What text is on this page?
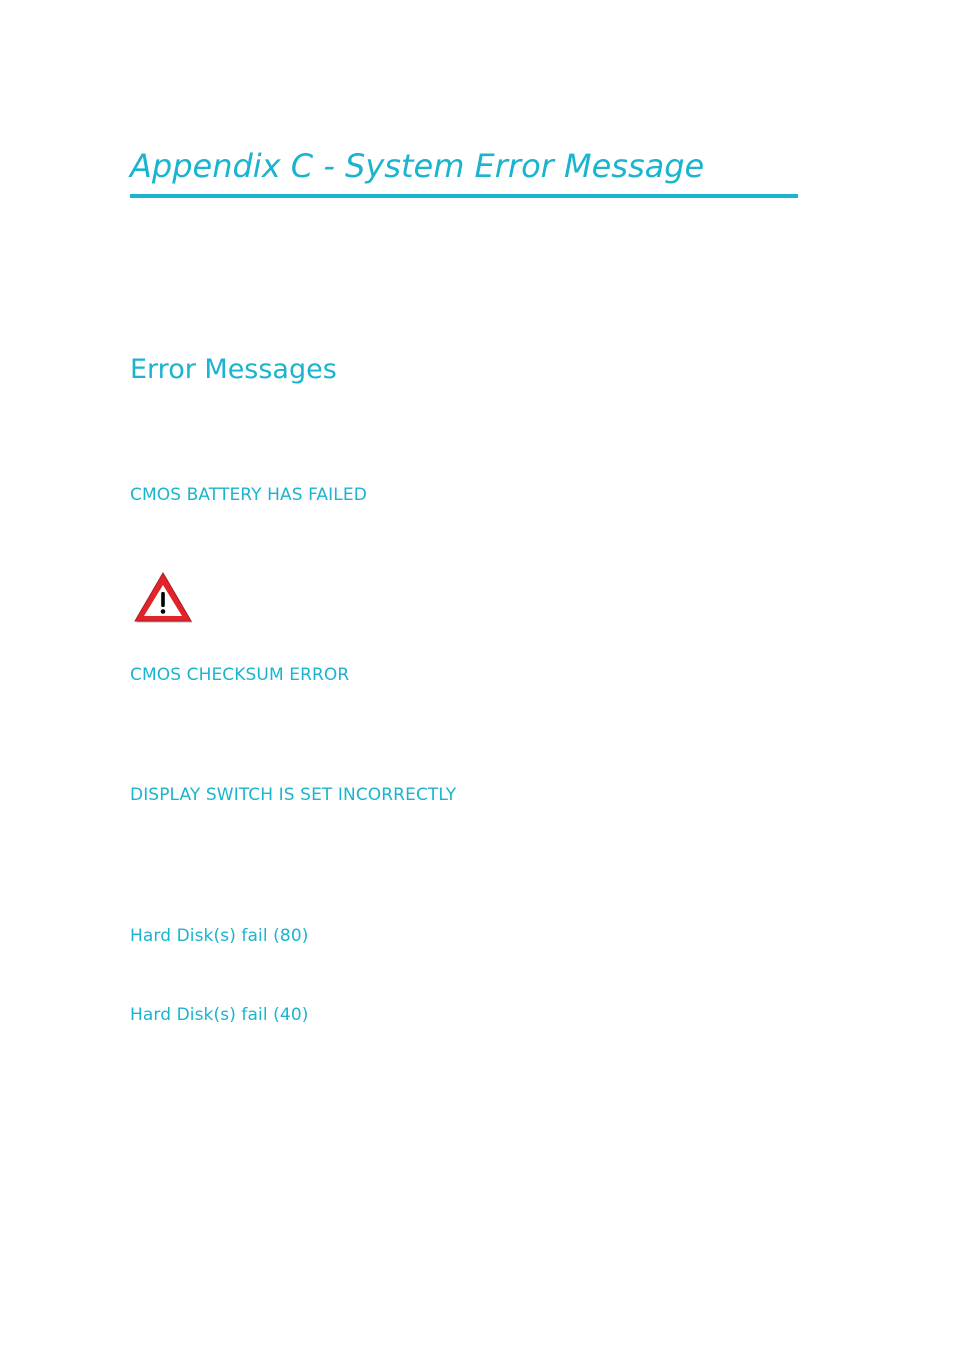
Appendix C - System Error Message
Error Messages

CMOS BATTERY HAS FAILED

CMOS CHECKSUM ERROR

DISPLAY SWITCH IS SET INCORRECTLY

Hard Disk(s) fail (80)

Hard Disk(s) fail (40)
